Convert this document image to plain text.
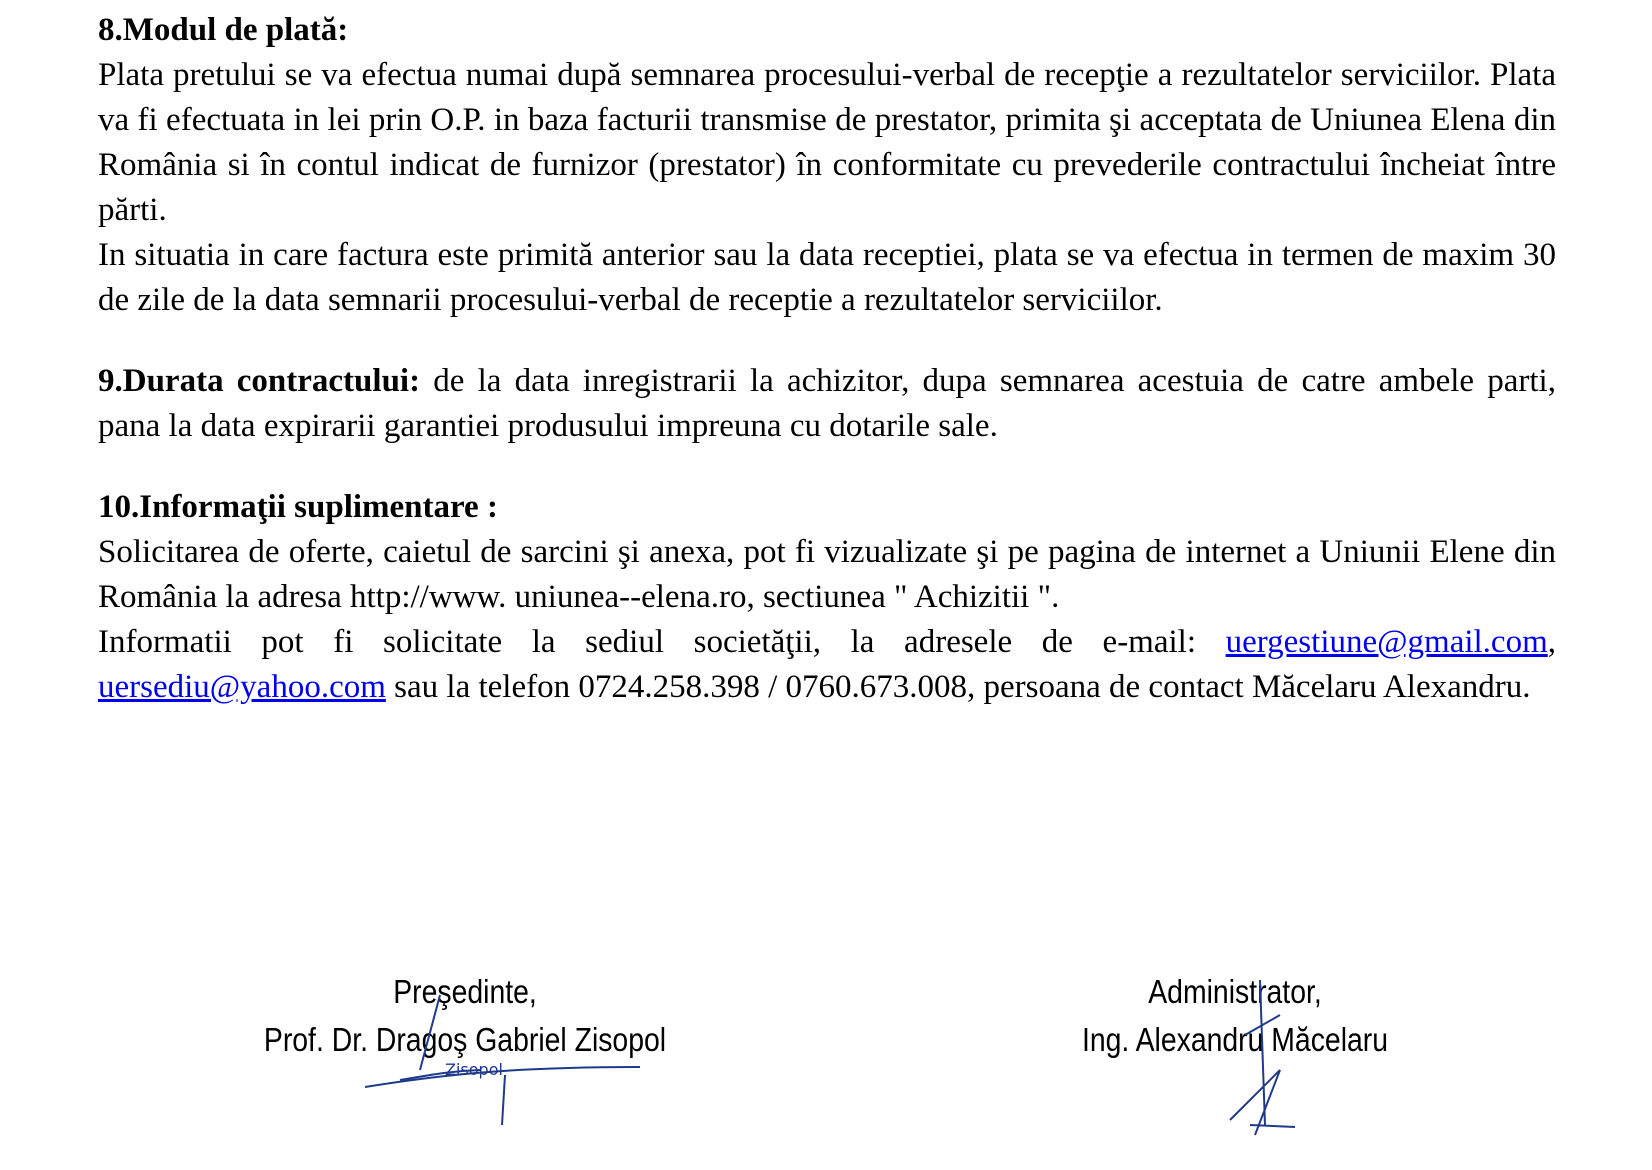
8.Modul de plată:

Plata pretului se va efectua numai după semnarea procesului-verbal de recepţie a rezultatelor serviciilor. Plata va fi efectuata in lei prin O.P. in baza facturii transmise de prestator, primita şi acceptata de Uniunea Elena din România si în contul indicat de furnizor (prestator) în conformitate cu prevederile contractului încheiat între părti.

In situatia in care factura este primită anterior sau la data receptiei, plata se va efectua in termen de maxim 30 de zile de la data semnarii procesului-verbal de receptie a rezultatelor serviciilor.

9.Durata contractului: de la data inregistrarii la achizitor, dupa semnarea acestuia de catre ambele parti, pana la data expirarii garantiei produsului impreuna cu dotarile sale.

10.Informaţii suplimentare :

Solicitarea de oferte, caietul de sarcini şi anexa, pot fi vizualizate şi pe pagina de internet a Uniunii Elene din România la adresa http://www. uniunea--elena.ro, sectiunea " Achizitii ".

Informatii pot fi solicitate la sediul societăţii, la adresele de e-mail: uergestiune@gmail.com, uersediu@yahoo.com sau la telefon 0724.258.398 / 0760.673.008, persoana de contact Măcelaru Alexandru.

Preşedinte,
Prof. Dr. Dragoş Gabriel Zisopol
Zisopol
Administrator,
Ing. Alexandru Măcelaru
